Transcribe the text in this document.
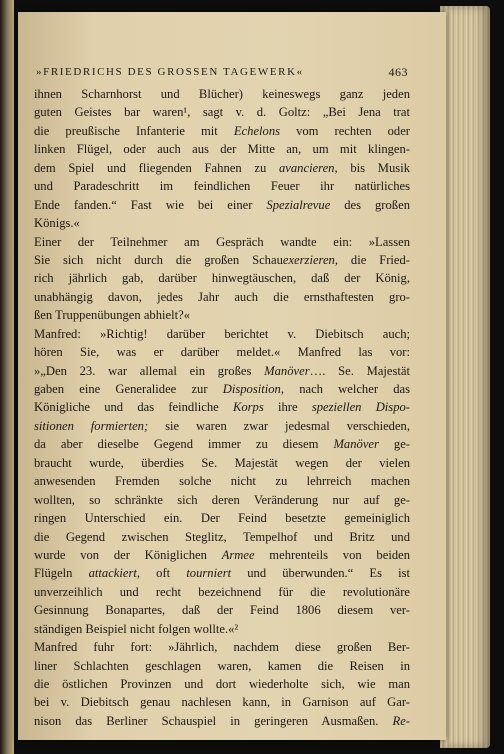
»FRIEDRICHS DES GROSSEN TAGEWERK«	463
ihnen Scharnhorst und Blücher) keineswegs ganz jeden
guten Geistes bar waren¹, sagt v. d. Goltz: „Bei Jena trat
die preußische Infanterie mit Echelons vom rechten oder
linken Flügel, oder auch aus der Mitte an, um mit klingen-
dem Spiel und fliegenden Fahnen zu avancieren, bis Musik
und Paradeschritt im feindlichen Feuer ihr natürliches
Ende fanden.“ Fast wie bei einer Spezialrevue des großen
Königs.«
Einer der Teilnehmer am Gespräch wandte ein: »Lassen
Sie sich nicht durch die großen Schauexerzieren, die Fried-
rich jährlich gab, darüber hinwegtäuschen, daß der König,
unabhängig davon, jedes Jahr auch die ernsthaftesten gro-
ßen Truppenübungen abhielt?«
Manfred: »Richtig! darüber berichtet v. Diebitsch auch;
hören Sie, was er darüber meldet.« Manfred las vor:
»„Den 23. war allemal ein großes Manöver…. Se. Majestät
gaben eine Generalidee zur Disposition, nach welcher das
Königliche und das feindliche Korps ihre speziellen Dispo-
sitionen formierten; sie waren zwar jedesmal verschieden,
da aber dieselbe Gegend immer zu diesem Manöver ge-
braucht wurde, überdies Se. Majestät wegen der vielen
anwesenden Fremden solche nicht zu lehrreich machen
wollten, so schränkte sich deren Veränderung nur auf ge-
ringen Unterschied ein. Der Feind besetzte gemeiniglich
die Gegend zwischen Steglitz, Tempelhof und Britz und
wurde von der Königlichen Armee mehrenteils von beiden
Flügeln attackiert, oft tourniert und überwunden.“ Es ist
unverzeihlich und recht bezeichnend für die revolutionäre
Gesinnung Bonapartes, daß der Feind 1806 diesem ver-
ständigen Beispiel nicht folgen wollte.«²
Manfred fuhr fort: »Jährlich, nachdem diese großen Ber-
liner Schlachten geschlagen waren, kamen die Reisen in
die östlichen Provinzen und dort wiederholte sich, wie man
bei v. Diebitsch genau nachlesen kann, in Garnison auf Gar-
nison das Berliner Schauspiel in geringeren Ausmaßen. Re-
